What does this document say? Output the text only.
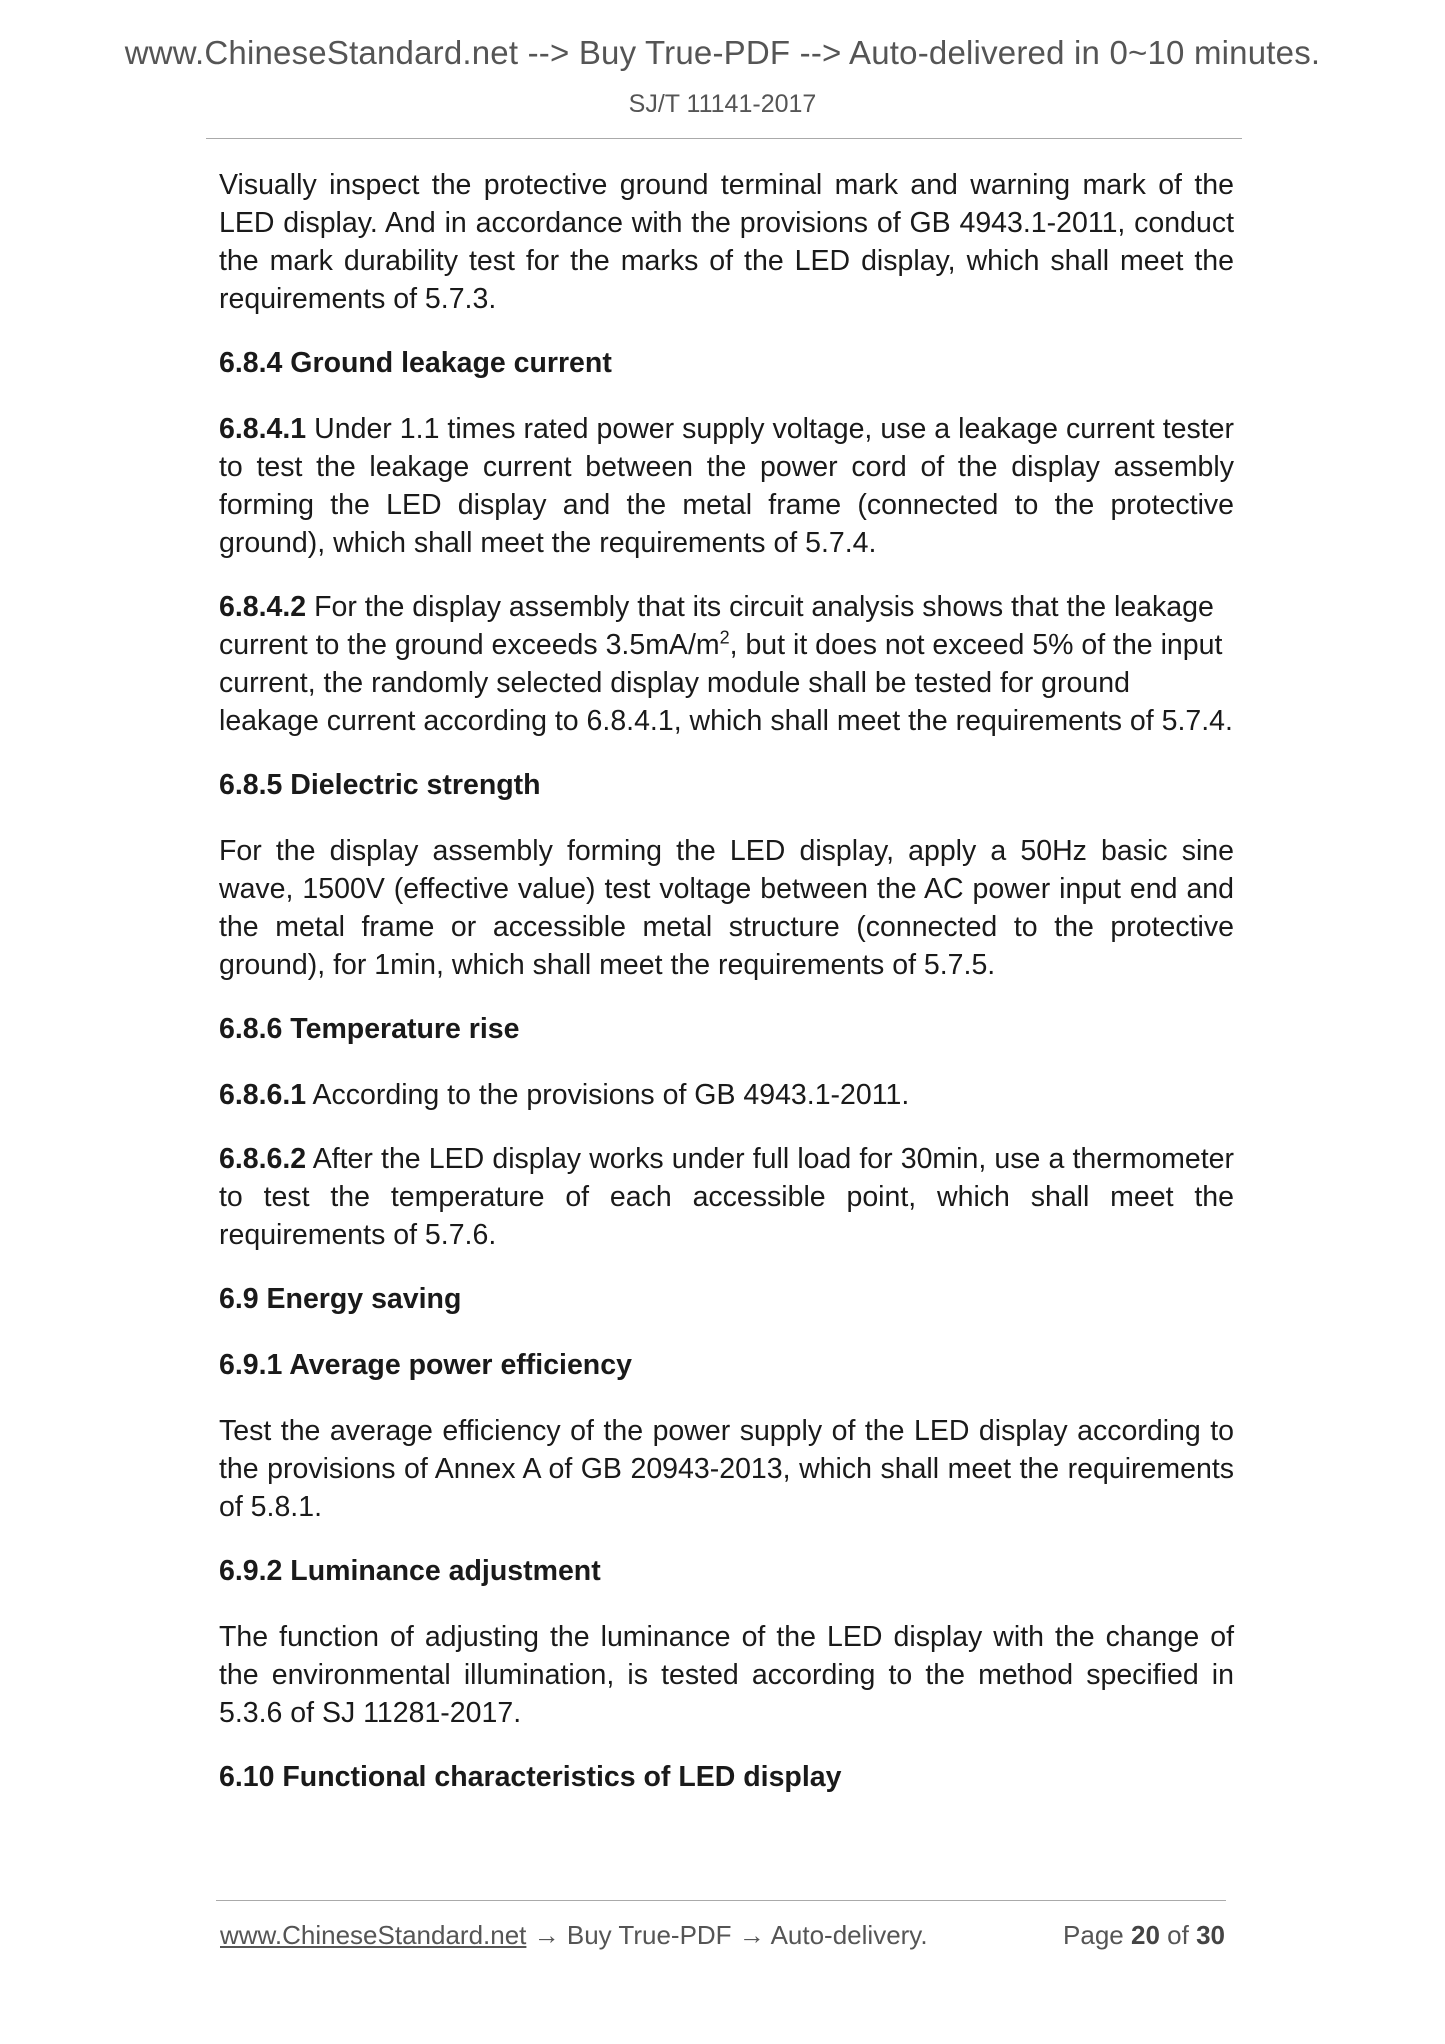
www.ChineseStandard.net --> Buy True-PDF --> Auto-delivered in 0~10 minutes.
SJ/T 11141-2017

Visually inspect the protective ground terminal mark and warning mark of the LED display. And in accordance with the provisions of GB 4943.1-2011, conduct the mark durability test for the marks of the LED display, which shall meet the requirements of 5.7.3.

6.8.4 Ground leakage current

6.8.4.1 Under 1.1 times rated power supply voltage, use a leakage current tester to test the leakage current between the power cord of the display assembly forming the LED display and the metal frame (connected to the protective ground), which shall meet the requirements of 5.7.4.

6.8.4.2 For the display assembly that its circuit analysis shows that the leakage current to the ground exceeds $3.5mA/m^2$, but it does not exceed 5% of the input current, the randomly selected display module shall be tested for ground leakage current according to 6.8.4.1, which shall meet the requirements of 5.7.4.

6.8.5 Dielectric strength

For the display assembly forming the LED display, apply a 50Hz basic sine wave, 1500V (effective value) test voltage between the AC power input end and the metal frame or accessible metal structure (connected to the protective ground), for 1min, which shall meet the requirements of 5.7.5.

6.8.6 Temperature rise

6.8.6.1 According to the provisions of GB 4943.1-2011.

6.8.6.2 After the LED display works under full load for 30min, use a thermometer to test the temperature of each accessible point, which shall meet the requirements of 5.7.6.

6.9 Energy saving

6.9.1 Average power efficiency

Test the average efficiency of the power supply of the LED display according to the provisions of Annex A of GB 20943-2013, which shall meet the requirements of 5.8.1.

6.9.2 Luminance adjustment

The function of adjusting the luminance of the LED display with the change of the environmental illumination, is tested according to the method specified in 5.3.6 of SJ 11281-2017.

6.10 Functional characteristics of LED display

www.ChineseStandard.net → Buy True-PDF → Auto-delivery.	Page 20 of 30
